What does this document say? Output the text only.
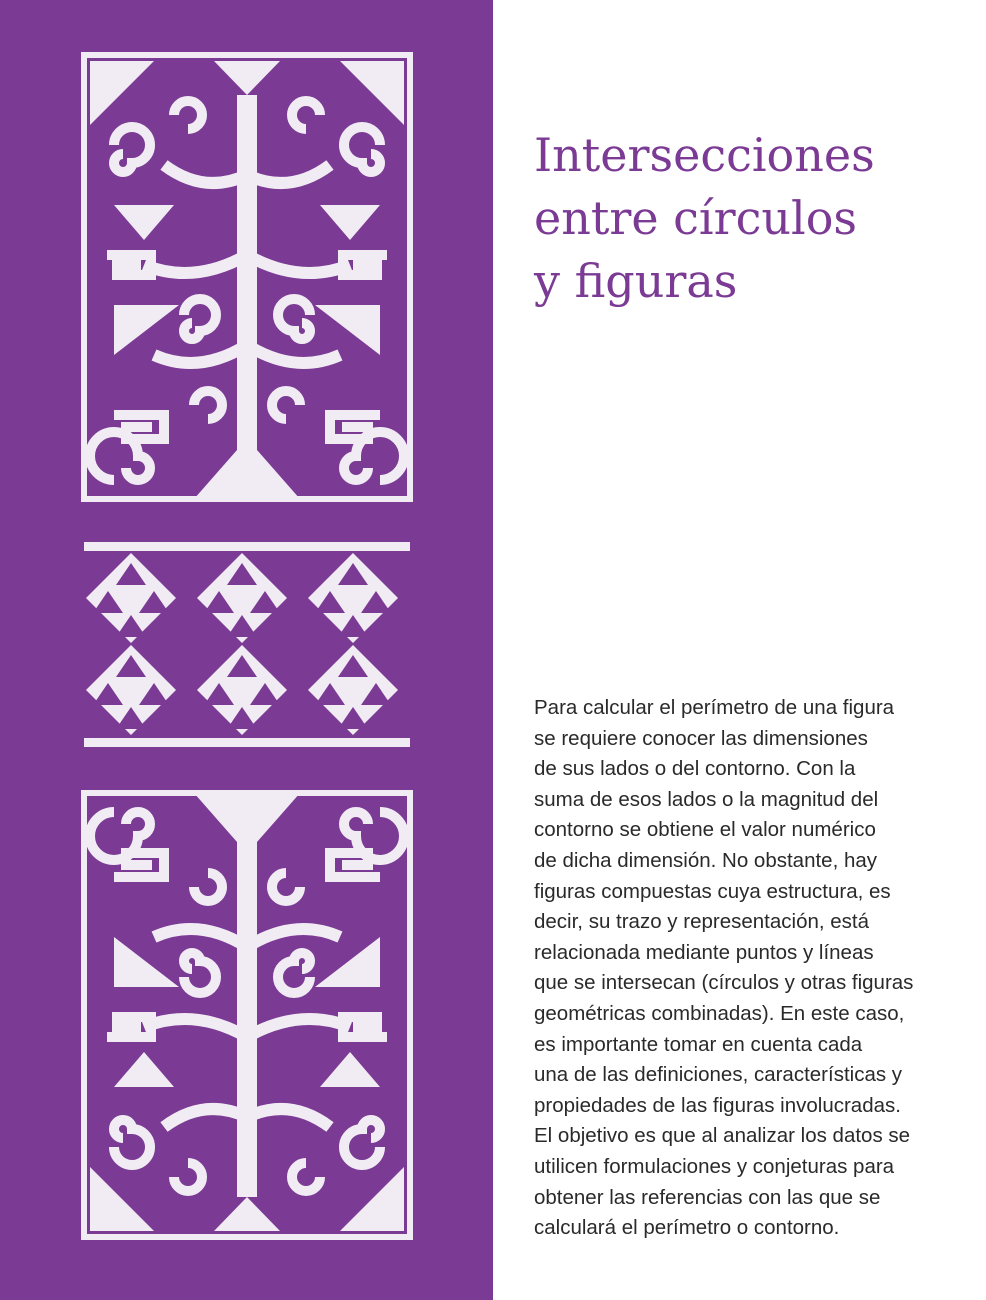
Intersecciones
entre círculos
y figuras

Para calcular el perímetro de una figura
se requiere conocer las dimensiones
de sus lados o del contorno. Con la
suma de esos lados o la magnitud del
contorno se obtiene el valor numérico
de dicha dimensión. No obstante, hay
figuras compuestas cuya estructura, es
decir, su trazo y representación, está
relacionada mediante puntos y líneas
que se intersecan (círculos y otras figuras
geométricas combinadas). En este caso,
es importante tomar en cuenta cada
una de las definiciones, características y
propiedades de las figuras involucradas.
El objetivo es que al analizar los datos se
utilicen formulaciones y conjeturas para
obtener las referencias con las que se
calculará el perímetro o contorno.
